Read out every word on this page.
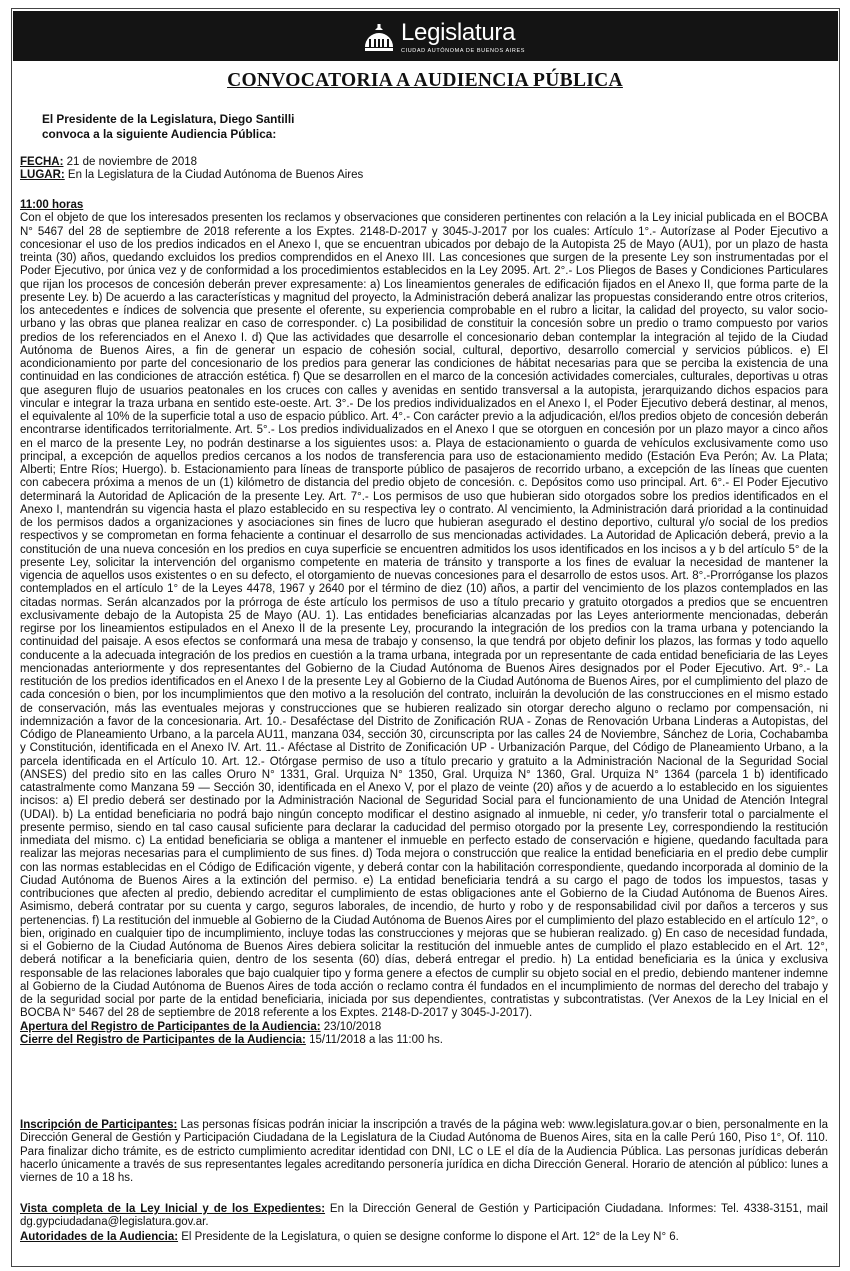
Legislatura
CIUDAD AUTÓNOMA DE BUENOS AIRES
CONVOCATORIA A AUDIENCIA PÚBLICA
El Presidente de la Legislatura, Diego Santilli
convoca a la siguiente Audiencia Pública:
FECHA: 21 de noviembre de 2018
LUGAR: En la Legislatura de la Ciudad Autónoma de Buenos Aires
11:00 horas
Con el objeto de que los interesados presenten los reclamos y observaciones que consideren pertinentes con relación a la Ley inicial publicada en el BOCBA N° 5467 del 28 de septiembre de 2018 referente a los Exptes. 2148-D-2017 y 3045-J-2017 por los cuales: Artículo 1°.- Autorízase al Poder Ejecutivo a concesionar el uso de los predios indicados en el Anexo I, que se encuentran ubicados por debajo de la Autopista 25 de Mayo (AU1), por un plazo de hasta treinta (30) años, quedando excluidos los predios comprendidos en el Anexo III. Las concesiones que surgen de la presente Ley son instrumentadas por el Poder Ejecutivo, por única vez y de conformidad a los procedimientos establecidos en la Ley 2095. Art. 2°.- Los Pliegos de Bases y Condiciones Particulares que rijan los procesos de concesión deberán prever expresamente: a) Los lineamientos generales de edificación fijados en el Anexo II, que forma parte de la presente Ley. b) De acuerdo a las características y magnitud del proyecto, la Administración deberá analizar las propuestas considerando entre otros criterios, los antecedentes e índices de solvencia que presente el oferente, su experiencia comprobable en el rubro a licitar, la calidad del proyecto, su valor socio-urbano y las obras que planea realizar en caso de corresponder. c) La posibilidad de constituir la concesión sobre un predio o tramo compuesto por varios predios de los referenciados en el Anexo I. d) Que las actividades que desarrolle el concesionario deban contemplar la integración al tejido de la Ciudad Autónoma de Buenos Aires, a fin de generar un espacio de cohesión social, cultural, deportivo, desarrollo comercial y servicios públicos. e) El acondicionamiento por parte del concesionario de los predios para generar las condiciones de hábitat necesarias para que se perciba la existencia de una continuidad en las condiciones de atracción estética. f) Que se desarrollen en el marco de la concesión actividades comerciales, culturales, deportivas u otras que aseguren flujo de usuarios peatonales en los cruces con calles y avenidas en sentido transversal a la autopista, jerarquizando dichos espacios para vincular e integrar la traza urbana en sentido este-oeste. Art. 3°.- De los predios individualizados en el Anexo I, el Poder Ejecutivo deberá destinar, al menos, el equivalente al 10% de la superficie total a uso de espacio público. Art. 4°.- Con carácter previo a la adjudicación, el/los predios objeto de concesión deberán encontrarse identificados territorialmente. Art. 5°.- Los predios individualizados en el Anexo I que se otorguen en concesión por un plazo mayor a cinco años en el marco de la presente Ley, no podrán destinarse a los siguientes usos: a. Playa de estacionamiento o guarda de vehículos exclusivamente como uso principal, a excepción de aquellos predios cercanos a los nodos de transferencia para uso de estacionamiento medido (Estación Eva Perón; Av. La Plata; Alberti; Entre Ríos; Huergo). b. Estacionamiento para líneas de transporte público de pasajeros de recorrido urbano, a excepción de las líneas que cuenten con cabecera próxima a menos de un (1) kilómetro de distancia del predio objeto de concesión. c. Depósitos como uso principal. Art. 6°.- El Poder Ejecutivo determinará la Autoridad de Aplicación de la presente Ley. Art. 7°.- Los permisos de uso que hubieran sido otorgados sobre los predios identificados en el Anexo I, mantendrán su vigencia hasta el plazo establecido en su respectiva ley o contrato. Al vencimiento, la Administración dará prioridad a la continuidad de los permisos dados a organizaciones y asociaciones sin fines de lucro que hubieran asegurado el destino deportivo, cultural y/o social de los predios respectivos y se comprometan en forma fehaciente a continuar el desarrollo de sus mencionadas actividades. La Autoridad de Aplicación deberá, previo a la constitución de una nueva concesión en los predios en cuya superficie se encuentren admitidos los usos identificados en los incisos a y b del artículo 5° de la presente Ley, solicitar la intervención del organismo competente en materia de tránsito y transporte a los fines de evaluar la necesidad de mantener la vigencia de aquellos usos existentes o en su defecto, el otorgamiento de nuevas concesiones para el desarrollo de estos usos. Art. 8°.-Prorróganse los plazos contemplados en el artículo 1° de la Leyes 4478, 1967 y 2640 por el término de diez (10) años, a partir del vencimiento de los plazos contemplados en las citadas normas. Serán alcanzados por la prórroga de éste artículo los permisos de uso a título precario y gratuito otorgados a predios que se encuentren exclusivamente debajo de la Autopista 25 de Mayo (AU. 1). Las entidades beneficiarias alcanzadas por las Leyes anteriormente mencionadas, deberán regirse por los lineamientos estipulados en el Anexo II de la presente Ley, procurando la integración de los predios con la trama urbana y potenciando la continuidad del paisaje. A esos efectos se conformará una mesa de trabajo y consenso, la que tendrá por objeto definir los plazos, las formas y todo aquello conducente a la adecuada integración de los predios en cuestión a la trama urbana, integrada por un representante de cada entidad beneficiaria de las Leyes mencionadas anteriormente y dos representantes del Gobierno de la Ciudad Autónoma de Buenos Aires designados por el Poder Ejecutivo. Art. 9°.- La restitución de los predios identificados en el Anexo I de la presente Ley al Gobierno de la Ciudad Autónoma de Buenos Aires, por el cumplimiento del plazo de cada concesión o bien, por los incumplimientos que den motivo a la resolución del contrato, incluirán la devolución de las construcciones en el mismo estado de conservación, más las eventuales mejoras y construcciones que se hubieren realizado sin otorgar derecho alguno o reclamo por compensación, ni indemnización a favor de la concesionaria. Art. 10.- Desaféctase del Distrito de Zonificación RUA - Zonas de Renovación Urbana Linderas a Autopistas, del Código de Planeamiento Urbano, a la parcela AU11, manzana 034, sección 30, circunscripta por las calles 24 de Noviembre, Sánchez de Loria, Cochabamba y Constitución, identificada en el Anexo IV. Art. 11.- Aféctase al Distrito de Zonificación UP - Urbanización Parque, del Código de Planeamiento Urbano, a la parcela identificada en el Artículo 10. Art. 12.- Otórgase permiso de uso a título precario y gratuito a la Administración Nacional de la Seguridad Social (ANSES) del predio sito en las calles Oruro N° 1331, Gral. Urquiza N° 1350, Gral. Urquiza N° 1360, Gral. Urquiza N° 1364 (parcela 1 b) identificado catastralmente como Manzana 59 — Sección 30, identificada en el Anexo V, por el plazo de veinte (20) años y de acuerdo a lo establecido en los siguientes incisos: a) El predio deberá ser destinado por la Administración Nacional de Seguridad Social para el funcionamiento de una Unidad de Atención Integral (UDAI). b) La entidad beneficiaria no podrá bajo ningún concepto modificar el destino asignado al inmueble, ni ceder, y/o transferir total o parcialmente el presente permiso, siendo en tal caso causal suficiente para declarar la caducidad del permiso otorgado por la presente Ley, correspondiendo la restitución inmediata del mismo. c) La entidad beneficiaria se obliga a mantener el inmueble en perfecto estado de conservación e higiene, quedando facultada para realizar las mejoras necesarias para el cumplimiento de sus fines. d) Toda mejora o construcción que realice la entidad beneficiaria en el predio debe cumplir con las normas establecidas en el Código de Edificación vigente, y deberá contar con la habilitación correspondiente, quedando incorporada al dominio de la Ciudad Autónoma de Buenos Aires a la extinción del permiso. e) La entidad beneficiaria tendrá a su cargo el pago de todos los impuestos, tasas y contribuciones que afecten al predio, debiendo acreditar el cumplimiento de estas obligaciones ante el Gobierno de la Ciudad Autónoma de Buenos Aires. Asimismo, deberá contratar por su cuenta y cargo, seguros laborales, de incendio, de hurto y robo y de responsabilidad civil por daños a terceros y sus pertenencias. f) La restitución del inmueble al Gobierno de la Ciudad Autónoma de Buenos Aires por el cumplimiento del plazo establecido en el artículo 12°, o bien, originado en cualquier tipo de incumplimiento, incluye todas las construcciones y mejoras que se hubieran realizado. g) En caso de necesidad fundada, si el Gobierno de la Ciudad Autónoma de Buenos Aires debiera solicitar la restitución del inmueble antes de cumplido el plazo establecido en el Art. 12°, deberá notificar a la beneficiaria quien, dentro de los sesenta (60) días, deberá entregar el predio. h) La entidad beneficiaria es la única y exclusiva responsable de las relaciones laborales que bajo cualquier tipo y forma genere a efectos de cumplir su objeto social en el predio, debiendo mantener indemne al Gobierno de la Ciudad Autónoma de Buenos Aires de toda acción o reclamo contra él fundados en el incumplimiento de normas del derecho del trabajo y de la seguridad social por parte de la entidad beneficiaria, iniciada por sus dependientes, contratistas y subcontratistas. (Ver Anexos de la Ley Inicial en el BOCBA N° 5467 del 28 de septiembre de 2018 referente a los Exptes. 2148-D-2017 y 3045-J-2017).
Apertura del Registro de Participantes de la Audiencia: 23/10/2018
Cierre del Registro de Participantes de la Audiencia: 15/11/2018 a las 11:00 hs.
Inscripción de Participantes: Las personas físicas podrán iniciar la inscripción a través de la página web: www.legislatura.gov.ar o bien, personalmente en la Dirección General de Gestión y Participación Ciudadana de la Legislatura de la Ciudad Autónoma de Buenos Aires, sita en la calle Perú 160, Piso 1°, Of. 110. Para finalizar dicho trámite, es de estricto cumplimiento acreditar identidad con DNI, LC o LE el día de la Audiencia Pública. Las personas jurídicas deberán hacerlo únicamente a través de sus representantes legales acreditando personería jurídica en dicha Dirección General. Horario de atención al público: lunes a viernes de 10 a 18 hs.
Vista completa de la Ley Inicial y de los Expedientes: En la Dirección General de Gestión y Participación Ciudadana. Informes: Tel. 4338-3151, mail dg.gypciudadana@legislatura.gov.ar.
Autoridades de la Audiencia: El Presidente de la Legislatura, o quien se designe conforme lo dispone el Art. 12° de la Ley N° 6.
